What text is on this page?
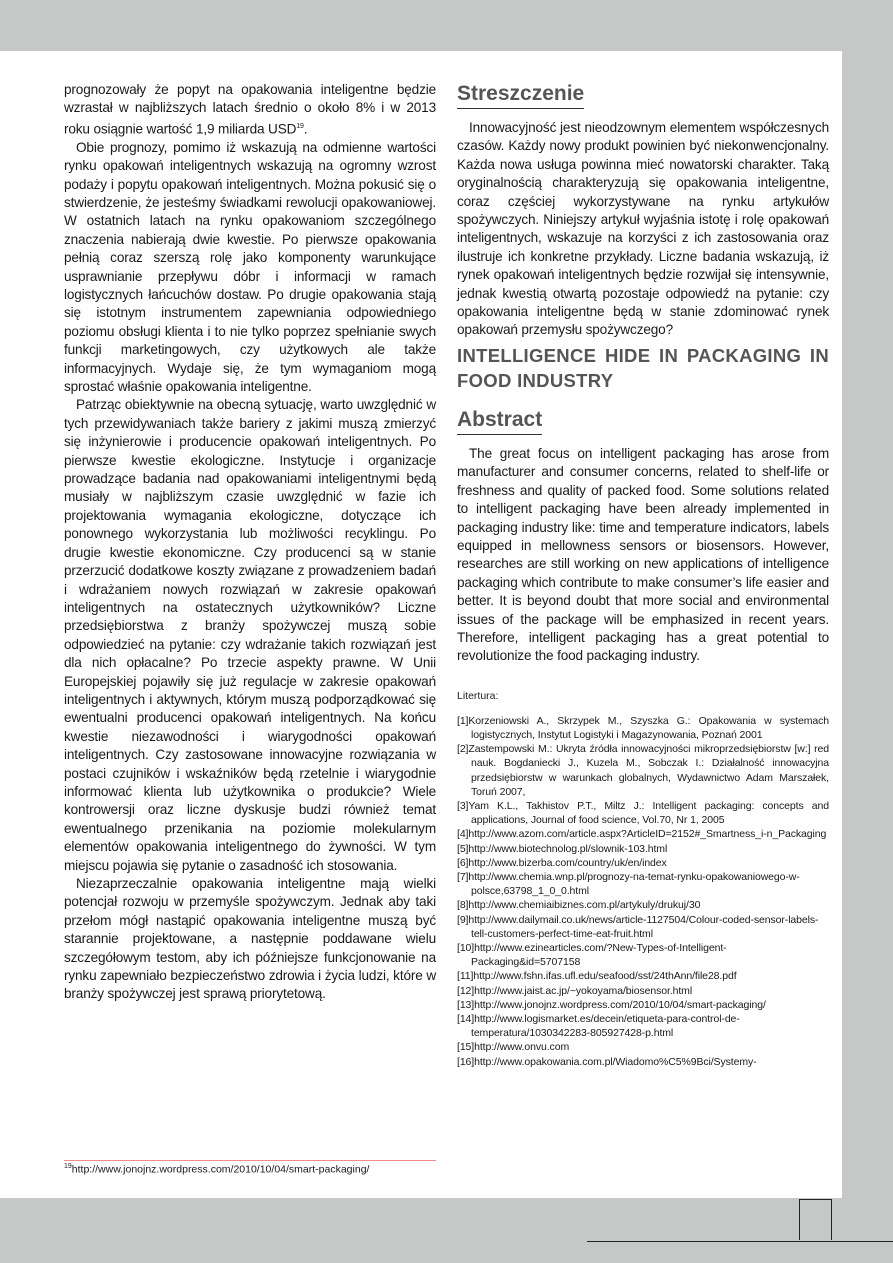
prognozowały że popyt na opakowania inteligentne będzie wzrastał w najbliższych latach średnio o około 8% i w 2013 roku osiągnie wartość 1,9 miliarda USD$^{19}$.

Obie prognozy, pomimo iż wskazują na odmienne wartości rynku opakowań inteligentnych wskazują na ogromny wzrost podaży i popytu opakowań inteligentnych. Można pokusić się o stwierdzenie, że jesteśmy świadkami rewolucji opakowaniowej. W ostatnich latach na rynku opakowaniom szczególnego znaczenia nabierają dwie kwestie. Po pierwsze opakowania pełnią coraz szerszą rolę jako komponenty warunkujące usprawnianie przepływu dóbr i informacji w ramach logistycznych łańcuchów dostaw. Po drugie opakowania stają się istotnym instrumentem zapewniania odpowiedniego poziomu obsługi klienta i to nie tylko poprzez spełnianie swych funkcji marketingowych, czy użytkowych ale także informacyjnych. Wydaje się, że tym wymaganiom mogą sprostać właśnie opakowania inteligentne.

Patrząc obiektywnie na obecną sytuację, warto uwzględnić w tych przewidywaniach także bariery z jakimi muszą zmierzyć się inżynierowie i producencie opakowań inteligentnych. Po pierwsze kwestie ekologiczne. Instytucje i organizacje prowadzące badania nad opakowaniami inteligentnymi będą musiały w najbliższym czasie uwzględnić w fazie ich projektowania wymagania ekologiczne, dotyczące ich ponownego wykorzystania lub możliwości recyklingu. Po drugie kwestie ekonomiczne. Czy producenci są w stanie przerzucić dodatkowe koszty związane z prowadzeniem badań i wdrażaniem nowych rozwiązań w zakresie opakowań inteligentnych na ostatecznych użytkowników? Liczne przedsiębiorstwa z branży spożywczej muszą sobie odpowiedzieć na pytanie: czy wdrażanie takich rozwiązań jest dla nich opłacalne? Po trzecie aspekty prawne. W Unii Europejskiej pojawiły się już regulacje w zakresie opakowań inteligentnych i aktywnych, którym muszą podporządkować się ewentualni producenci opakowań inteligentnych. Na końcu kwestie niezawodności i wiarygodności opakowań inteligentnych. Czy zastosowane innowacyjne rozwiązania w postaci czujników i wskaźników będą rzetelnie i wiarygodnie informować klienta lub użytkownika o produkcie? Wiele kontrowersji oraz liczne dyskusje budzi również temat ewentualnego przenikania na poziomie molekularnym elementów opakowania inteligentnego do żywności. W tym miejscu pojawia się pytanie o zasadność ich stosowania.

Niezaprzeczalnie opakowania inteligentne mają wielki potencjał rozwoju w przemyśle spożywczym. Jednak aby taki przełom mógł nastąpić opakowania inteligentne muszą być starannie projektowane, a następnie poddawane wielu szczegółowym testom, aby ich późniejsze funkcjonowanie na rynku zapewniało bezpieczeństwo zdrowia i życia ludzi, które w branży spożywczej jest sprawą priorytetową.

Streszczenie

Innowacyjność jest nieodzownym elementem współczesnych czasów. Każdy nowy produkt powinien być niekonwencjonalny. Każda nowa usługa powinna mieć nowatorski charakter. Taką oryginalnością charakteryzują się opakowania inteligentne, coraz częściej wykorzystywane na rynku artykułów spożywczych. Niniejszy artykuł wyjaśnia istotę i rolę opakowań inteligentnych, wskazuje na korzyści z ich zastosowania oraz ilustruje ich konkretne przykłady. Liczne badania wskazują, iż rynek opakowań inteligentnych będzie rozwijał się intensywnie, jednak kwestią otwartą pozostaje odpowiedź na pytanie: czy opakowania inteligentne będą w stanie zdominować rynek opakowań przemysłu spożywczego?

INTELLIGENCE HIDE IN PACKAGING IN FOOD INDUSTRY
Abstract

The great focus on intelligent packaging has arose from manufacturer and consumer concerns, related to shelf-life or freshness and quality of packed food. Some solutions related to intelligent packaging have been already implemented in packaging industry like: time and temperature indicators, labels equipped in mellowness sensors or biosensors. However, researches are still working on new applications of intelligence packaging which contribute to make consumer’s life easier and better. It is beyond doubt that more social and environmental issues of the package will be emphasized in recent years. Therefore, intelligent packaging has a great potential to revolutionize the food packaging industry.

Litertura:

[1]Korzeniowski A., Skrzypek M., Szyszka G.: Opakowania w systemach logistycznych, Instytut Logistyki i Magazynowania, Poznań 2001

[2]Zastempowski M.: Ukryta źródła innowacyjności mikroprzedsiębiorstw [w:] red nauk. Bogdaniecki J., Kuzela M., Sobczak I.: Działalność innowacyjna przedsiębiorstw w warunkach globalnych, Wydawnictwo Adam Marszałek, Toruń 2007,

[3]Yam K.L., Takhistov P.T., Miltz J.: Intelligent packaging: concepts and applications, Journal of food science, Vol.70, Nr 1, 2005

[4]http://www.azom.com/article.aspx?ArticleID=2152#_Smartness_i-n_Packaging

[5]http://www.biotechnolog.pl/slownik-103.html

[6]http://www.bizerba.com/country/uk/en/index

[7]http://www.chemia.wnp.pl/prognozy-na-temat-rynku-opakowaniowego-w-polsce,63798_1_0_0.html

[8]http://www.chemiaibiznes.com.pl/artykuly/drukuj/30

[9]http://www.dailymail.co.uk/news/article-1127504/Colour-coded-sensor-labels-tell-customers-perfect-time-eat-fruit.html

[10]http://www.ezinearticles.com/?New-Types-of-Intelligent-Packaging&id=5707158

[11]http://www.fshn.ifas.ufl.edu/seafood/sst/24thAnn/file28.pdf

[12]http://www.jaist.ac.jp/~yokoyama/biosensor.html

[13]http://www.jonojnz.wordpress.com/2010/10/04/smart-packaging/

[14]http://www.logismarket.es/decein/etiqueta-para-control-de-temperatura/1030342283-805927428-p.html

[15]http://www.onvu.com

[16]http://www.opakowania.com.pl/Wiadomo%C5%9Bci/Systemy-

$^{19}$http://www.jonojnz.wordpress.com/2010/10/04/smart-packaging/
